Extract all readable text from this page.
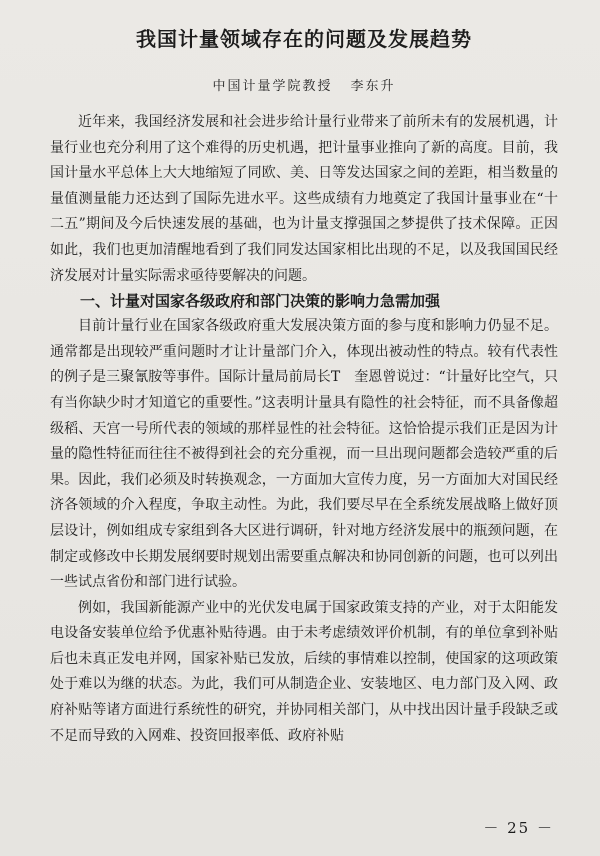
我国计量领域存在的问题及发展趋势
中国计量学院教授 李东升

近年来，我国经济发展和社会进步给计量行业带来了前所未有的发展机遇，计量行业也充分利用了这个难得的历史机遇，把计量事业推向了新的高度。目前，我国计量水平总体上大大地缩短了同欧、美、日等发达国家之间的差距，相当数量的量值测量能力还达到了国际先进水平。这些成绩有力地奠定了我国计量事业在“十二五”期间及今后快速发展的基础，也为计量支撑强国之梦提供了技术保障。正因如此，我们也更加清醒地看到了我们同发达国家相比出现的不足，以及我国国民经济发展对计量实际需求亟待要解决的问题。

一、计量对国家各级政府和部门决策的影响力急需加强

目前计量行业在国家各级政府重大发展决策方面的参与度和影响力仍显不足。通常都是出现较严重问题时才让计量部门介入，体现出被动性的特点。较有代表性的例子是三聚氰胺等事件。国际计量局前局长T　奎恩曾说过：“计量好比空气，只有当你缺少时才知道它的重要性。”这表明计量具有隐性的社会特征，而不具备像超级稻、天宫一号所代表的领域的那样显性的社会特征。这恰恰提示我们正是因为计量的隐性特征而往往不被得到社会的充分重视，而一旦出现问题都会造较严重的后果。因此，我们必须及时转换观念，一方面加大宣传力度，另一方面加大对国民经济各领域的介入程度，争取主动性。为此，我们要尽早在全系统发展战略上做好顶层设计，例如组成专家组到各大区进行调研，针对地方经济发展中的瓶颈问题，在制定或修改中长期发展纲要时规划出需要重点解决和协同创新的问题，也可以列出一些试点省份和部门进行试验。

例如，我国新能源产业中的光伏发电属于国家政策支持的产业，对于太阳能发电设备安装单位给予优惠补贴待遇。由于未考虑绩效评价机制，有的单位拿到补贴后也未真正发电并网，国家补贴已发放，后续的事情难以控制，使国家的这项政策处于难以为继的状态。为此，我们可从制造企业、安装地区、电力部门及入网、政府补贴等诸方面进行系统性的研究，并协同相关部门，从中找出因计量手段缺乏或不足而导致的入网难、投资回报率低、政府补贴

－ 25 －
